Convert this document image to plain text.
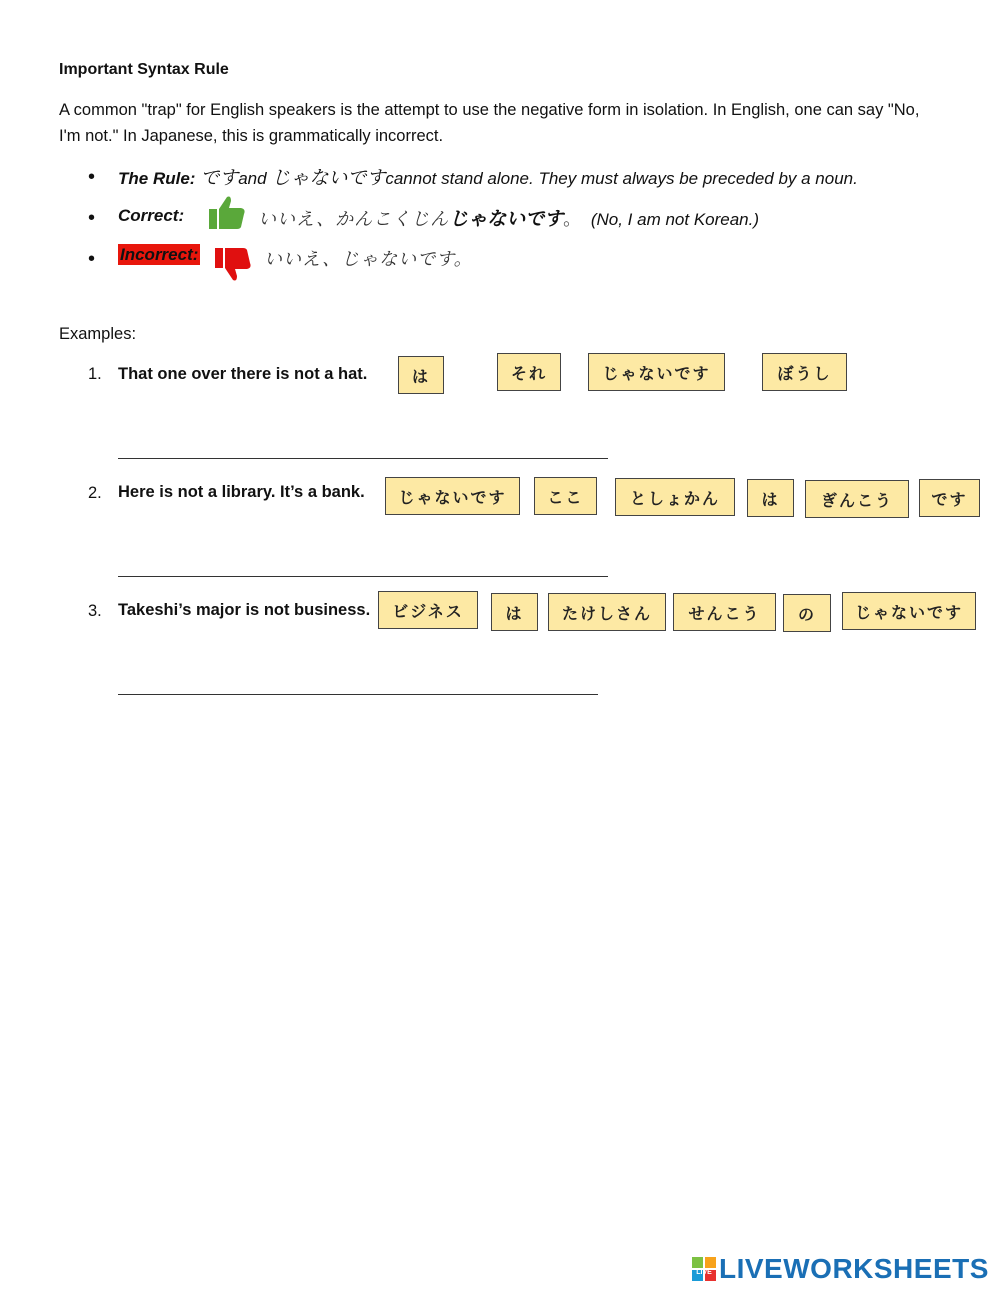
Important Syntax Rule
A common "trap" for English speakers is the attempt to use the negative form in isolation. In English, one can say "No, I'm not." In Japanese, this is grammatically incorrect.
• The Rule: ですand じゃないですcannot stand alone. They must always be preceded by a noun.
• Correct:	いいえ、かんこくじんじゃないです。 (No, I am not Korean.)
• Incorrect:	いいえ、じゃないです。
Examples:
1. That one over there is not a hat.	は	それ	じゃないです	ぼうし
2. Here is not a library. It’s a bank.	じゃないです	ここ	としょかん	は	ぎんこう	です
3. Takeshi’s major is not business.	ビジネス	は	たけしさん	せんこう	の	じゃないです
LIVE LIVEWORKSHEETS
